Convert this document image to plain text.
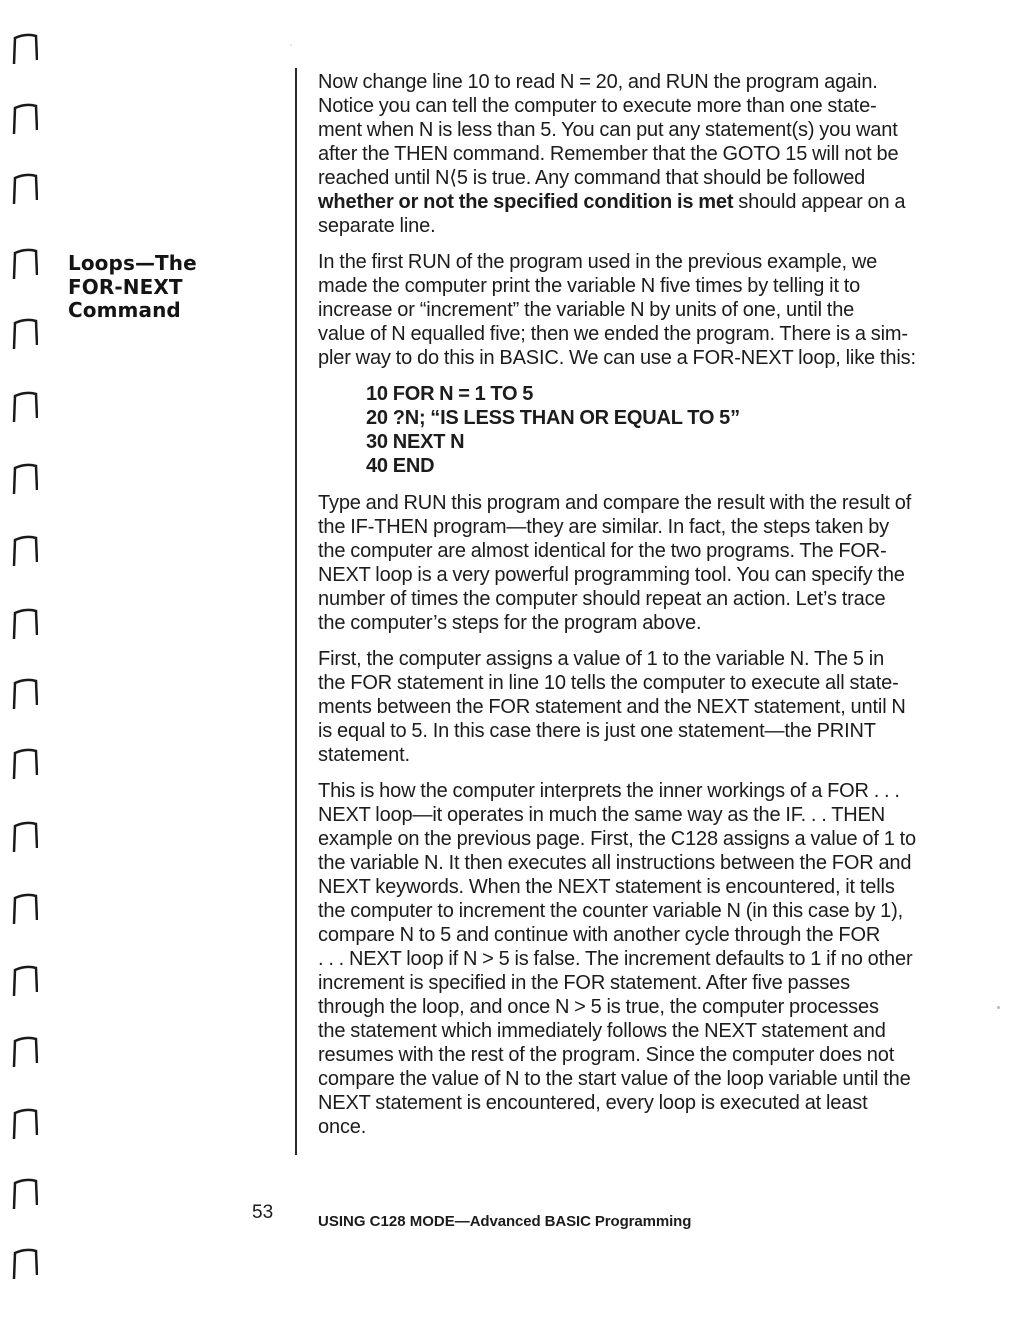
Loops—The
FOR-NEXT
Command

Now change line 10 to read N = 20, and RUN the program again.
Notice you can tell the computer to execute more than one state-
ment when N is less than 5. You can put any statement(s) you want
after the THEN command. Remember that the GOTO 15 will not be
reached until N⟨5 is true. Any command that should be followed
whether or not the specified condition is met should appear on a
separate line.

In the first RUN of the program used in the previous example, we
made the computer print the variable N five times by telling it to
increase or “increment” the variable N by units of one, until the
value of N equalled five; then we ended the program. There is a sim-
pler way to do this in BASIC. We can use a FOR-NEXT loop, like this:

10 FOR N = 1 TO 5
20 ?N; “IS LESS THAN OR EQUAL TO 5”
30 NEXT N
40 END

Type and RUN this program and compare the result with the result of
the IF-THEN program—they are similar. In fact, the steps taken by
the computer are almost identical for the two programs. The FOR-
NEXT loop is a very powerful programming tool. You can specify the
number of times the computer should repeat an action. Let’s trace
the computer’s steps for the program above.

First, the computer assigns a value of 1 to the variable N. The 5 in
the FOR statement in line 10 tells the computer to execute all state-
ments between the FOR statement and the NEXT statement, until N
is equal to 5. In this case there is just one statement—the PRINT
statement.

This is how the computer interprets the inner workings of a FOR . . .
NEXT loop—it operates in much the same way as the IF. . . THEN
example on the previous page. First, the C128 assigns a value of 1 to
the variable N. It then executes all instructions between the FOR and
NEXT keywords. When the NEXT statement is encountered, it tells
the computer to increment the counter variable N (in this case by 1),
compare N to 5 and continue with another cycle through the FOR
. . . NEXT loop if N > 5 is false. The increment defaults to 1 if no other
increment is specified in the FOR statement. After five passes
through the loop, and once N > 5 is true, the computer processes
the statement which immediately follows the NEXT statement and
resumes with the rest of the program. Since the computer does not
compare the value of N to the start value of the loop variable until the
NEXT statement is encountered, every loop is executed at least
once.

53	USING C128 MODE—Advanced BASIC Programming
